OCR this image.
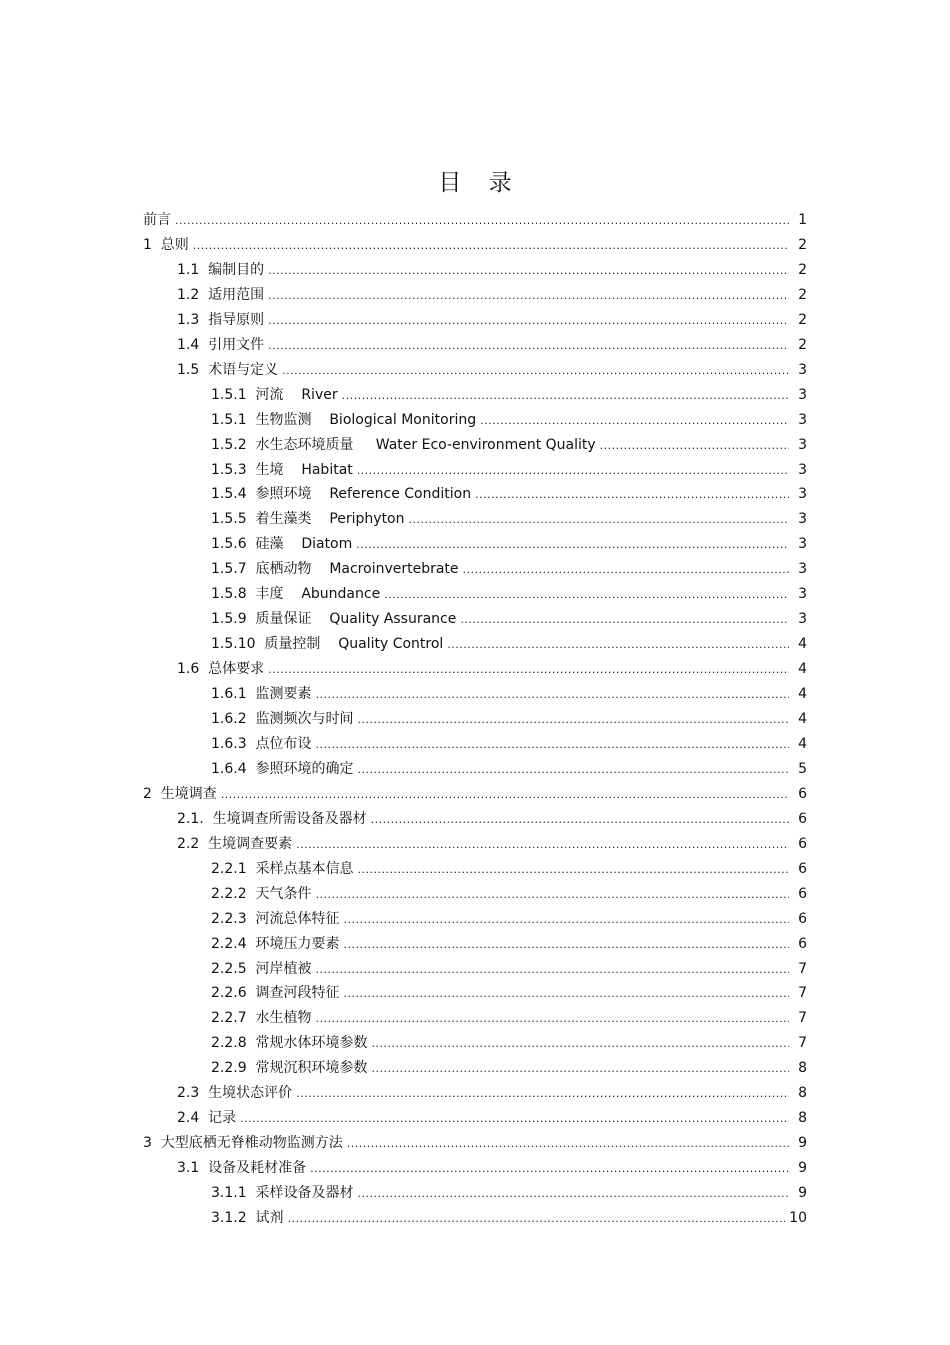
目 录
前言 .....	1
1  总则 .....	2
1.1  编制目的 .....	2
1.2  适用范围 .....	2
1.3  指导原则 .....	2
1.4  引用文件 .....	2
1.5  术语与定义 .....	3
1.5.1  河流    River .....	3
1.5.1  生物监测    Biological Monitoring .....	3
1.5.2  水生态环境质量     Water Eco-environment Quality .....	3
1.5.3  生境    Habitat .....	3
1.5.4  参照环境    Reference Condition .....	3
1.5.5  着生藻类    Periphyton .....	3
1.5.6  硅藻    Diatom .....	3
1.5.7  底栖动物    Macroinvertebrate .....	3
1.5.8  丰度    Abundance .....	3
1.5.9  质量保证    Quality Assurance .....	3
1.5.10  质量控制    Quality Control .....	4
1.6  总体要求 .....	4
1.6.1  监测要素 .....	4
1.6.2  监测频次与时间 .....	4
1.6.3  点位布设 .....	4
1.6.4  参照环境的确定 .....	5
2  生境调查 .....	6
2.1.  生境调查所需设备及器材 .....	6
2.2  生境调查要素 .....	6
2.2.1  采样点基本信息 .....	6
2.2.2  天气条件 .....	6
2.2.3  河流总体特征 .....	6
2.2.4  环境压力要素 .....	6
2.2.5  河岸植被 .....	7
2.2.6  调查河段特征 .....	7
2.2.7  水生植物 .....	7
2.2.8  常规水体环境参数 .....	7
2.2.9  常规沉积环境参数 .....	8
2.3  生境状态评价 .....	8
2.4  记录 .....	8
3  大型底栖无脊椎动物监测方法 .....	9
3.1  设备及耗材准备 .....	9
3.1.1  采样设备及器材 .....	9
3.1.2  试剂 .....	10
